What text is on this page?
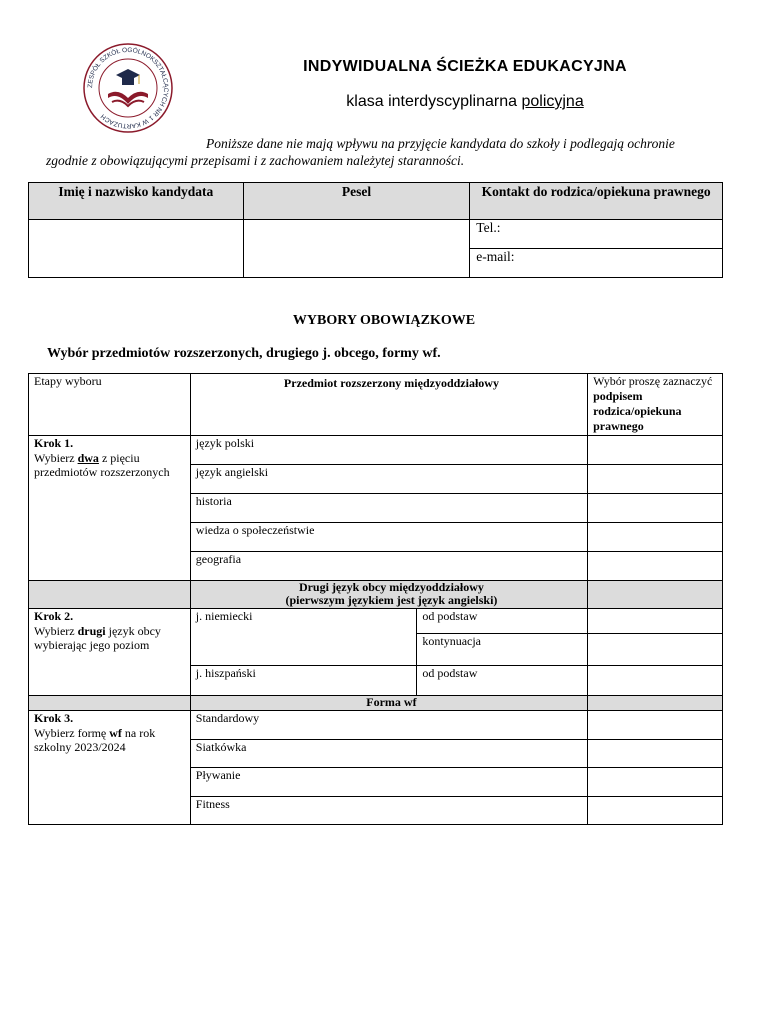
ZESPÓŁ SZKÓŁ OGÓLNOKSZTAŁCĄCYCH NR 1 W KARTUZACH
INDYWIDUALNA ŚCIEŻKA EDUKACYJNA
klasa interdyscyplinarna policyjna
Poniższe dane nie mają wpływu na przyjęcie kandydata do szkoły i podlegają ochronie
zgodnie z obowiązującymi przepisami i z zachowaniem należytej staranności.
Imię i nazwisko kandydata	Pesel	Kontakt do rodzica/opiekuna prawnego
		Tel.:
		e-mail:
WYBORY OBOWIĄZKOWE
Wybór przedmiotów rozszerzonych, drugiego j. obcego, formy wf.
Etapy wyboru	Przedmiot rozszerzony międzyoddziałowy		Wybór proszę zaznaczyć podpisem rodzica/opiekuna prawnego

Krok 1.
Wybierz dwa z pięciu przedmiotów rozszerzonych	język polski		
	język angielski		
	historia		
	wiedza o społeczeństwie		
	geografia		

	Drugi język obcy międzyoddziałowy
(pierwszym językiem jest język angielski)		

Krok 2.
Wybierz drugi język obcy wybierając jego poziom	j. niemiecki	od podstaw	
		kontynuacja	
	j. hiszpański	od podstaw	
	Forma wf		

Krok 3.
Wybierz formę wf na rok szkolny 2023/2024	Standardowy		
	Siatkówka		
	Pływanie		
	Fitness		
